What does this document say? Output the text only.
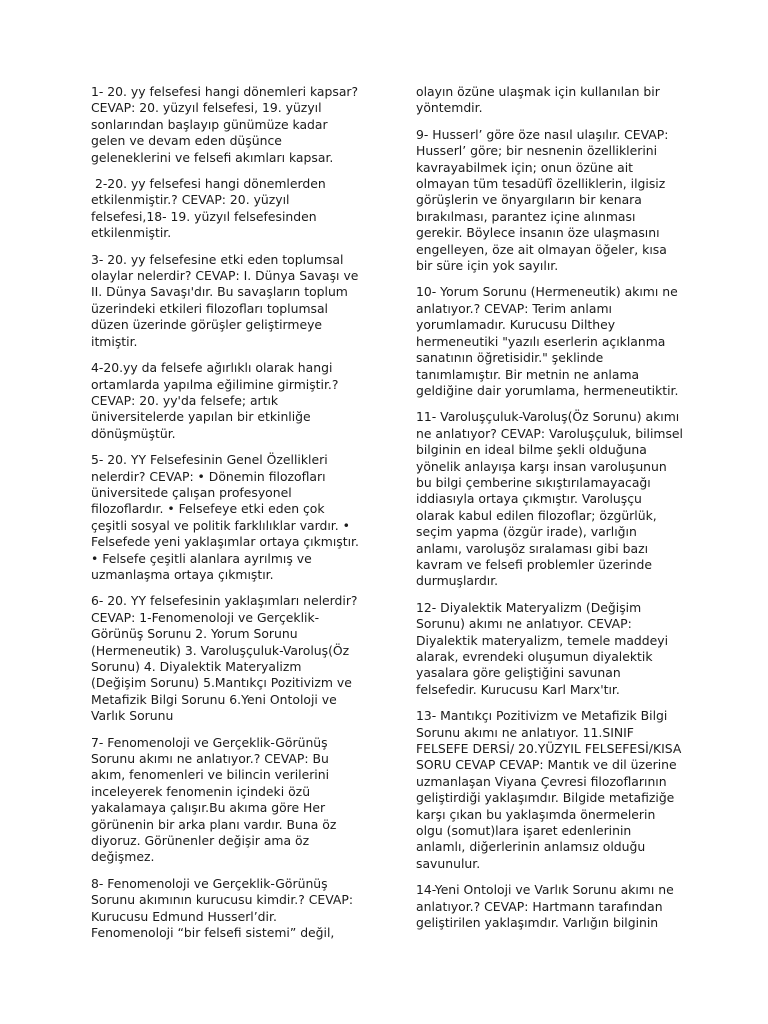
1- 20. yy felsefesi hangi dönemleri kapsar?
CEVAP: 20. yüzyıl felsefesi, 19. yüzyıl
sonlarından başlayıp günümüze kadar
gelen ve devam eden düşünce
geleneklerini ve felsefi akımları kapsar.

2-20. yy felsefesi hangi dönemlerden
etkilenmiştir.? CEVAP: 20. yüzyıl
felsefesi,18- 19. yüzyıl felsefesinden
etkilenmiştir.

3- 20. yy felsefesine etki eden toplumsal
olaylar nelerdir? CEVAP: I. Dünya Savaşı ve
II. Dünya Savaşı'dır. Bu savaşların toplum
üzerindeki etkileri filozofları toplumsal
düzen üzerinde görüşler geliştirmeye
itmiştir.

4-20.yy da felsefe ağırlıklı olarak hangi
ortamlarda yapılma eğilimine girmiştir.?
CEVAP: 20. yy'da felsefe; artık
üniversitelerde yapılan bir etkinliğe
dönüşmüştür.

5- 20. YY Felsefesinin Genel Özellikleri
nelerdir? CEVAP: • Dönemin filozofları
üniversitede çalışan profesyonel
filozoflardır. • Felsefeye etki eden çok
çeşitli sosyal ve politik farklılıklar vardır. •
Felsefede yeni yaklaşımlar ortaya çıkmıştır.
• Felsefe çeşitli alanlara ayrılmış ve
uzmanlaşma ortaya çıkmıştır.

6- 20. YY felsefesinin yaklaşımları nelerdir?
CEVAP: 1-Fenomenoloji ve Gerçeklik-
Görünüş Sorunu 2. Yorum Sorunu
(Hermeneutik) 3. Varoluşçuluk-Varoluş(Öz
Sorunu) 4. Diyalektik Materyalizm
(Değişim Sorunu) 5.Mantıkçı Pozitivizm ve
Metafizik Bilgi Sorunu 6.Yeni Ontoloji ve
Varlık Sorunu

7- Fenomenoloji ve Gerçeklik-Görünüş
Sorunu akımı ne anlatıyor.? CEVAP: Bu
akım, fenomenleri ve bilincin verilerini
inceleyerek fenomenin içindeki özü
yakalamaya çalışır.Bu akıma göre Her
görünenin bir arka planı vardır. Buna öz
diyoruz. Görünenler değişir ama öz
değişmez.

8- Fenomenoloji ve Gerçeklik-Görünüş
Sorunu akımının kurucusu kimdir.? CEVAP:
Kurucusu Edmund Husserl’dir.
Fenomenoloji “bir felsefi sistemi” değil,

olayın özüne ulaşmak için kullanılan bir
yöntemdir.

9- Husserl’ göre öze nasıl ulaşılır. CEVAP:
Husserl’ göre; bir nesnenin özelliklerini
kavrayabilmek için; onun özüne ait
olmayan tüm tesadüfî özelliklerin, ilgisiz
görüşlerin ve önyargıların bir kenara
bırakılması, parantez içine alınması
gerekir. Böylece insanın öze ulaşmasını
engelleyen, öze ait olmayan öğeler, kısa
bir süre için yok sayılır.

10- Yorum Sorunu (Hermeneutik) akımı ne
anlatıyor.? CEVAP: Terim anlamı
yorumlamadır. Kurucusu Dilthey
hermeneutiki "yazılı eserlerin açıklanma
sanatının öğretisidir." şeklinde
tanımlamıştır. Bir metnin ne anlama
geldiğine dair yorumlama, hermeneutiktir.

11- Varoluşçuluk-Varoluş(Öz Sorunu) akımı
ne anlatıyor? CEVAP: Varoluşçuluk, bilimsel
bilginin en ideal bilme şekli olduğuna
yönelik anlayışa karşı insan varoluşunun
bu bilgi çemberine sıkıştırılamayacağı
iddiasıyla ortaya çıkmıştır. Varoluşçu
olarak kabul edilen filozoflar; özgürlük,
seçim yapma (özgür irade), varlığın
anlamı, varoluşöz sıralaması gibi bazı
kavram ve felsefi problemler üzerinde
durmuşlardır.

12- Diyalektik Materyalizm (Değişim
Sorunu) akımı ne anlatıyor. CEVAP:
Diyalektik materyalizm, temele maddeyi
alarak, evrendeki oluşumun diyalektik
yasalara göre geliştiğini savunan
felsefedir. Kurucusu Karl Marx'tır.

13- Mantıkçı Pozitivizm ve Metafizik Bilgi
Sorunu akımı ne anlatıyor. 11.SINIF
FELSEFE DERSİ/ 20.YÜZYIL FELSEFESİ/KISA
SORU CEVAP CEVAP: Mantık ve dil üzerine
uzmanlaşan Viyana Çevresi filozoflarının
geliştirdiği yaklaşımdır. Bilgide metafiziğe
karşı çıkan bu yaklaşımda önermelerin
olgu (somut)lara işaret edenlerinin
anlamlı, diğerlerinin anlamsız olduğu
savunulur.

14-Yeni Ontoloji ve Varlık Sorunu akımı ne
anlatıyor.? CEVAP: Hartmann tarafından
geliştirilen yaklaşımdır. Varlığın bilginin
